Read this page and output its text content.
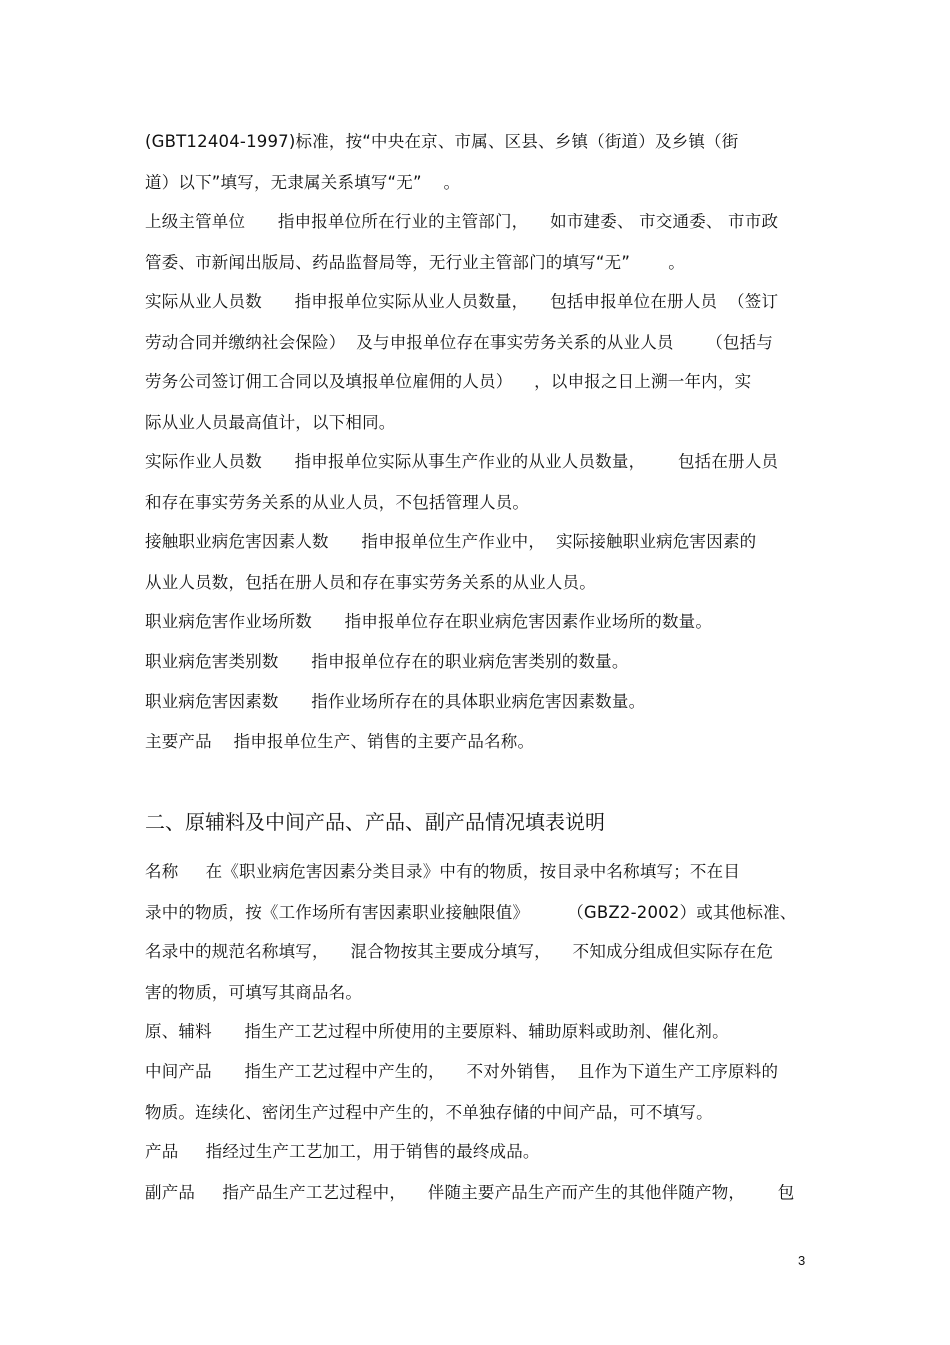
(GBT12404-1997)标准，按“中央在京、市属、区县、乡镇（街道）及乡镇（街
道）以下”填写，无隶属关系填写“无”    。
上级主管单位      指申报单位所在行业的主管部门，    如市建委、 市交通委、 市市政
管委、市新闻出版局、药品监督局等，无行业主管部门的填写“无”       。
实际从业人员数      指申报单位实际从业人员数量，    包括申报单位在册人员  （签订
劳动合同并缴纳社会保险）  及与申报单位存在事实劳务关系的从业人员      （包括与
劳务公司签订佣工合同以及填报单位雇佣的人员）    ，以申报之日上溯一年内，实
际从业人员最高值计，以下相同。
实际作业人员数      指申报单位实际从事生产作业的从业人员数量，      包括在册人员
和存在事实劳务关系的从业人员，不包括管理人员。
接触职业病危害因素人数      指申报单位生产作业中，  实际接触职业病危害因素的
从业人员数，包括在册人员和存在事实劳务关系的从业人员。
职业病危害作业场所数      指申报单位存在职业病危害因素作业场所的数量。
职业病危害类别数      指申报单位存在的职业病危害类别的数量。
职业病危害因素数      指作业场所存在的具体职业病危害因素数量。
主要产品    指申报单位生产、销售的主要产品名称。
二、原辅料及中间产品、产品、副产品情况填表说明
名称     在《职业病危害因素分类目录》中有的物质，按目录中名称填写；不在目
录中的物质，按《工作场所有害因素职业接触限值》       （GBZ2-2002）或其他标准、
名录中的规范名称填写，    混合物按其主要成分填写，    不知成分组成但实际存在危
害的物质，可填写其商品名。
原、辅料      指生产工艺过程中所使用的主要原料、辅助原料或助剂、催化剂。
中间产品      指生产工艺过程中产生的，    不对外销售，  且作为下道生产工序原料的
物质。连续化、密闭生产过程中产生的，不单独存储的中间产品，可不填写。
产品     指经过生产工艺加工，用于销售的最终成品。
副产品     指产品生产工艺过程中，    伴随主要产品生产而产生的其他伴随产物，      包
3
